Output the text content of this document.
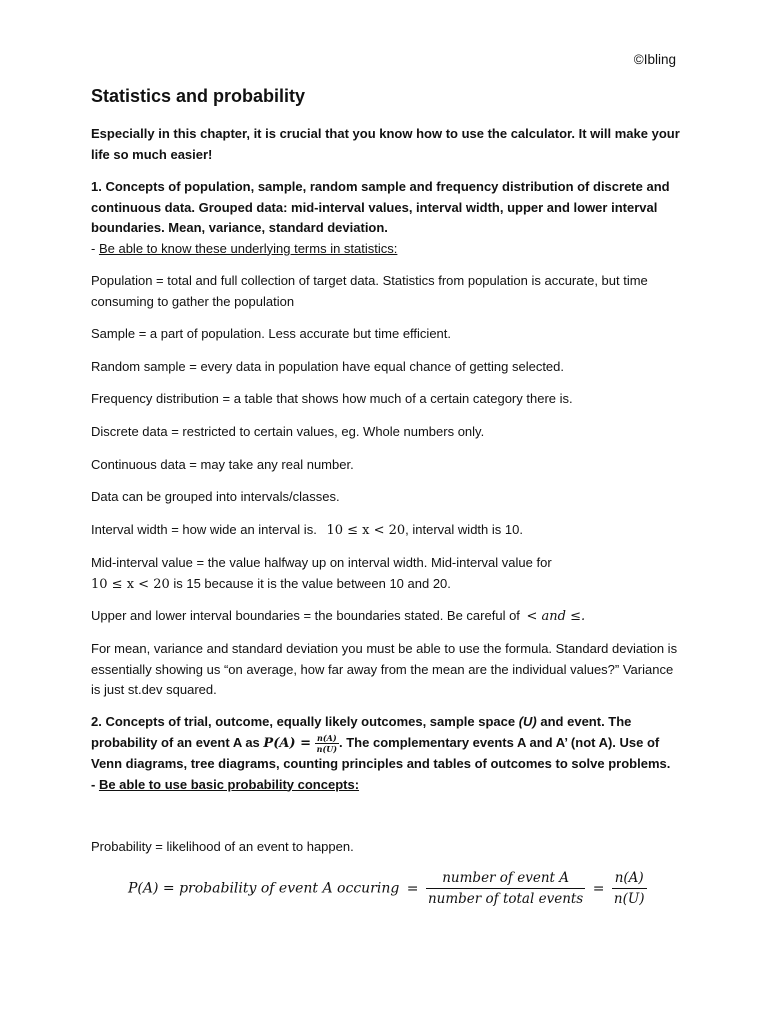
©Ibling
Statistics and probability

Especially in this chapter, it is crucial that you know how to use the calculator. It will make your life so much easier!

1. Concepts of population, sample, random sample and frequency distribution of discrete and continuous data. Grouped data: mid-interval values, interval width, upper and lower interval boundaries. Mean, variance, standard deviation.
- Be able to know these underlying terms in statistics:

Population = total and full collection of target data. Statistics from population is accurate, but time consuming to gather the population

Sample = a part of population. Less accurate but time efficient.

Random sample = every data in population have equal chance of getting selected.

Frequency distribution = a table that shows how much of a certain category there is.

Discrete data = restricted to certain values, eg. Whole numbers only.

Continuous data = may take any real number.

Data can be grouped into intervals/classes.

Interval width = how wide an interval is. 10 ≤ x < 20, interval width is 10.

Mid-interval value = the value halfway up on interval width. Mid-interval value for
10 ≤ x < 20 is 15 because it is the value between 10 and 20.

Upper and lower interval boundaries = the boundaries stated. Be careful of < and ≤.

For mean, variance and standard deviation you must be able to use the formula. Standard deviation is essentially showing us “on average, how far away from the mean are the individual values?” Variance is just st.dev squared.

2. Concepts of trial, outcome, equally likely outcomes, sample space (U) and event. The probability of an event A as $P(A) = \frac{n(A)}{n(U)}$ . The complementary events A and A’ (not A). Use of Venn diagrams, tree diagrams, counting principles and tables of outcomes to solve problems.
- Be able to use basic probability concepts:

Probability = likelihood of an event to happen.

P(A) = probability of event A occuring = $\frac{\text{number of event A}}{\text{number of total events}} = \frac{n(A)}{n(U)}$
